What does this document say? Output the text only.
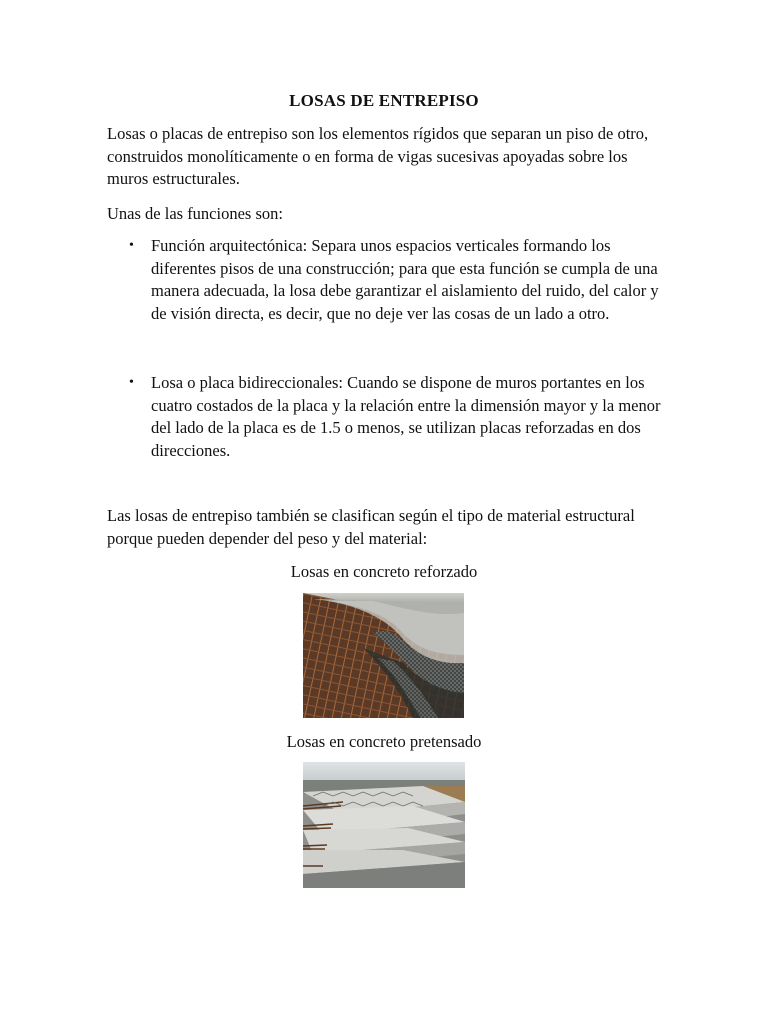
LOSAS DE ENTREPISO

Losas o placas de entrepiso son los elementos rígidos que separan un piso de otro, construidos monolíticamente o en forma de vigas sucesivas apoyadas sobre los muros estructurales.

Unas de las funciones son:

• Función arquitectónica: Separa unos espacios verticales formando los diferentes pisos de una construcción; para que esta función se cumpla de una manera adecuada, la losa debe garantizar el aislamiento del ruido, del calor y de visión directa, es decir, que no deje ver las cosas de un lado a otro.
• Losa o placa bidireccionales: Cuando se dispone de muros portantes en los cuatro costados de la placa y la relación entre la dimensión mayor y la menor del lado de la placa es de 1.5 o menos, se utilizan placas reforzadas en dos direcciones.

Las losas de entrepiso también se clasifican según el tipo de material estructural porque pueden depender del peso y del material:

Losas en concreto reforzado
Losas en concreto pretensado
